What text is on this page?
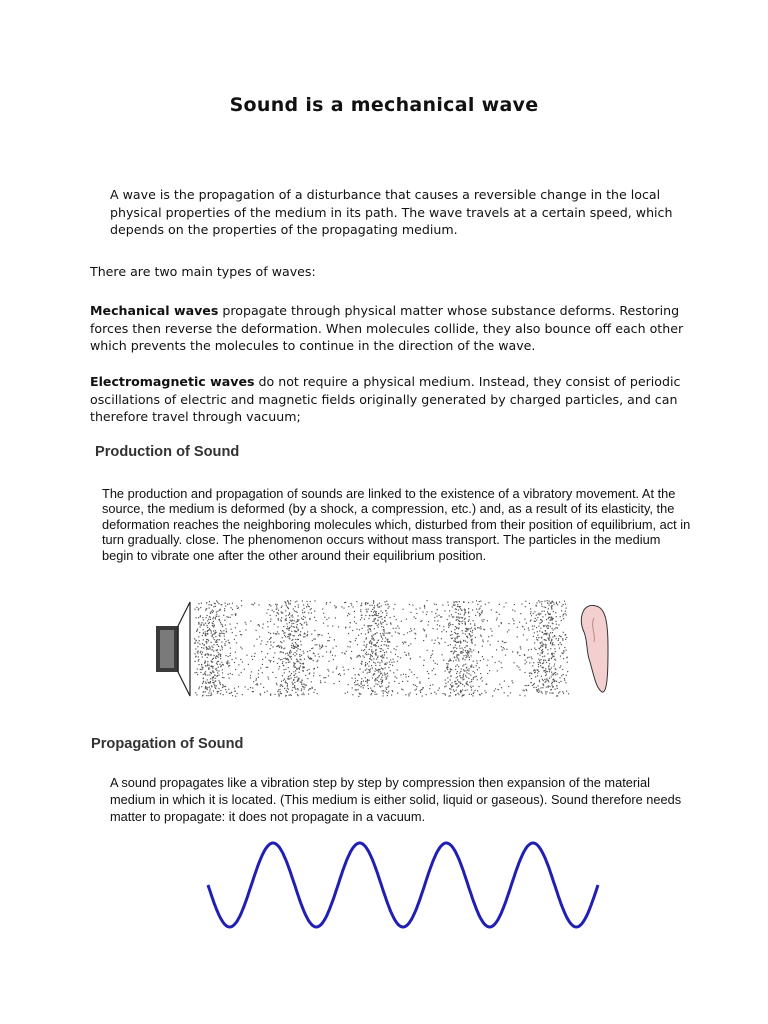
Sound is a mechanical wave

A wave is the propagation of a disturbance that causes a reversible change in the local physical properties of the medium in its path. The wave travels at a certain speed, which depends on the properties of the propagating medium.

There are two main types of waves:

Mechanical waves propagate through physical matter whose substance deforms. Restoring forces then reverse the deformation. When molecules collide, they also bounce off each other which prevents the molecules to continue in the direction of the wave.

Electromagnetic waves do not require a physical medium. Instead, they consist of periodic oscillations of electric and magnetic fields originally generated by charged particles, and can therefore travel through vacuum;

Production of Sound

The production and propagation of sounds are linked to the existence of a vibratory movement. At the source, the medium is deformed (by a shock, a compression, etc.) and, as a result of its elasticity, the deformation reaches the neighboring molecules which, disturbed from their position of equilibrium, act in turn gradually. close. The phenomenon occurs without mass transport. The particles in the medium begin to vibrate one after the other around their equilibrium position.

Propagation of Sound

A sound propagates like a vibration step by step by compression then expansion of the material medium in which it is located. (This medium is either solid, liquid or gaseous). Sound therefore needs matter to propagate: it does not propagate in a vacuum.
